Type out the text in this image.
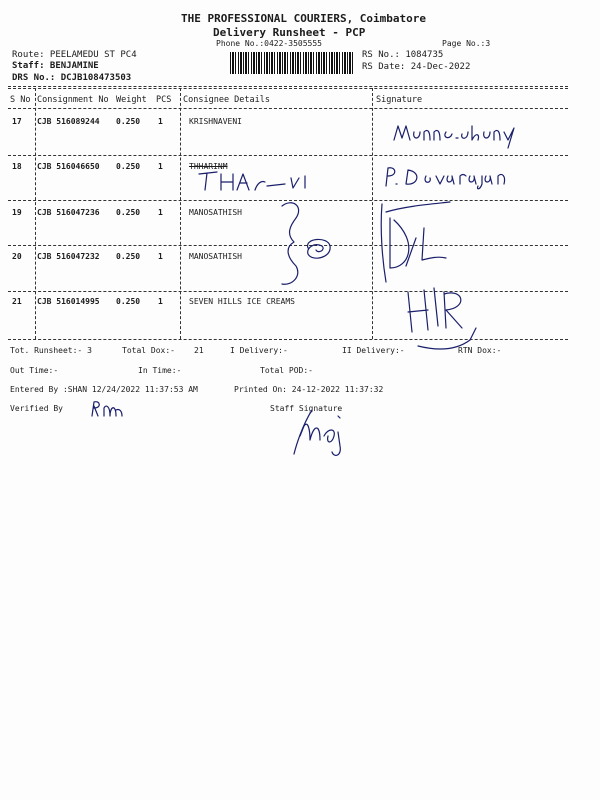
THE PROFESSIONAL COURIERS, Coimbatore
Delivery Runsheet - PCP
Phone No.:0422-3505555	Page No.:3
Route: PEELAMEDU ST PC4
Staff: BENJAMINE
DRS No.: DCJB108473503
RS No.: 1084735
RS Date: 24-Dec-2022
S No Consignment No Weight PCS Consignee Details	Signature
17 CJB 516089244 0.250 1	KRISHNAVENI
18 CJB 516046650 0.250 1	THHARINM
19 CJB 516047236 0.250 1	MANOSATHISH
20 CJB 516047232 0.250 1	MANOSATHISH
21 CJB 516014995 0.250 1	SEVEN HILLS ICE CREAMS
Tot. Runsheet:- 3	Total Dox:- 21	I Delivery:-	II Delivery:-	RTN Dox:-
Out Time:-	In Time:-	Total POD:-
Entered By :SHAN 12/24/2022 11:37:53 AM	Printed On: 24-12-2022 11:37:32
Verified By	Staff Signature
